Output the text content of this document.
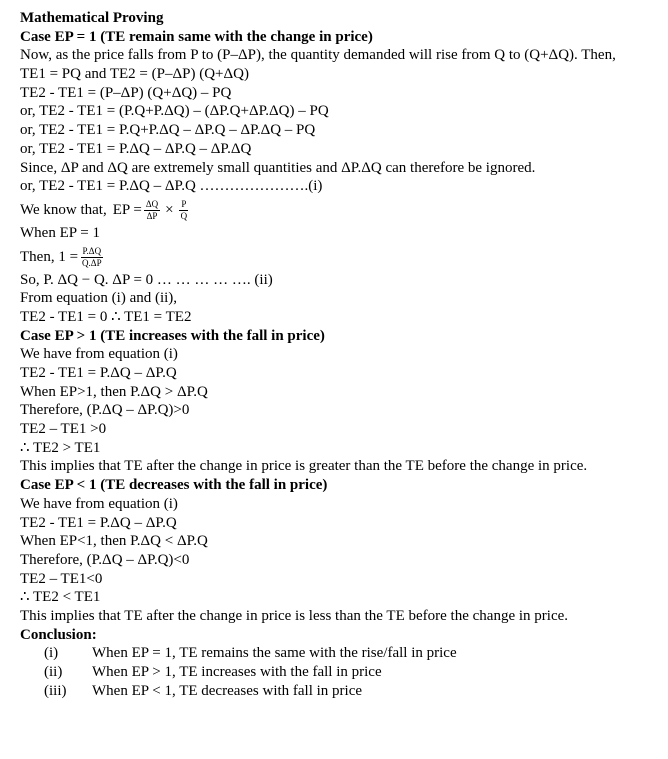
Mathematical Proving
Case EP = 1 (TE remain same with the change in price)
Now, as the price falls from P to (P–ΔP), the quantity demanded will rise from Q to (Q+ΔQ). Then,
TE1 = PQ and TE2 = (P–ΔP) (Q+ΔQ)
TE2 - TE1 = (P–ΔP) (Q+ΔQ) – PQ
or, TE2 - TE1 = (P.Q+P.ΔQ) – (ΔP.Q+ΔP.ΔQ) – PQ
or, TE2 - TE1 = P.Q+P.ΔQ – ΔP.Q – ΔP.ΔQ – PQ
or, TE2 - TE1 = P.ΔQ – ΔP.Q – ΔP.ΔQ
Since, ΔP and ΔQ are extremely small quantities and ΔP.ΔQ can therefore be ignored.
or, TE2 - TE1 = P.ΔQ – ΔP.Q ………………….(i)
We know that, EP = $\frac{\Delta Q}{\Delta P} \times \frac{P}{Q}$
When EP = 1
Then, $1 = \frac{P.\Delta Q}{Q.\Delta P}$
So, P. ΔQ − Q. ΔP = 0 … … … … …. (ii)
From equation (i) and (ii),
TE2 - TE1 = 0 ∴ TE1 = TE2
Case EP > 1 (TE increases with the fall in price)
We have from equation (i)
TE2 - TE1 = P.ΔQ – ΔP.Q
When EP>1, then P.ΔQ > ΔP.Q
Therefore, (P.ΔQ – ΔP.Q)>0
TE2 – TE1 >0
∴ TE2 > TE1
This implies that TE after the change in price is greater than the TE before the change in price.
Case EP < 1 (TE decreases with the fall in price)
We have from equation (i)
TE2 - TE1 = P.ΔQ – ΔP.Q
When EP<1, then P.ΔQ < ΔP.Q
Therefore, (P.ΔQ – ΔP.Q)<0
TE2 – TE1<0
∴ TE2 < TE1
This implies that TE after the change in price is less than the TE before the change in price.
Conclusion:
(i) When EP = 1, TE remains the same with the rise/fall in price
(ii) When EP > 1, TE increases with the fall in price
(iii) When EP < 1, TE decreases with fall in price
